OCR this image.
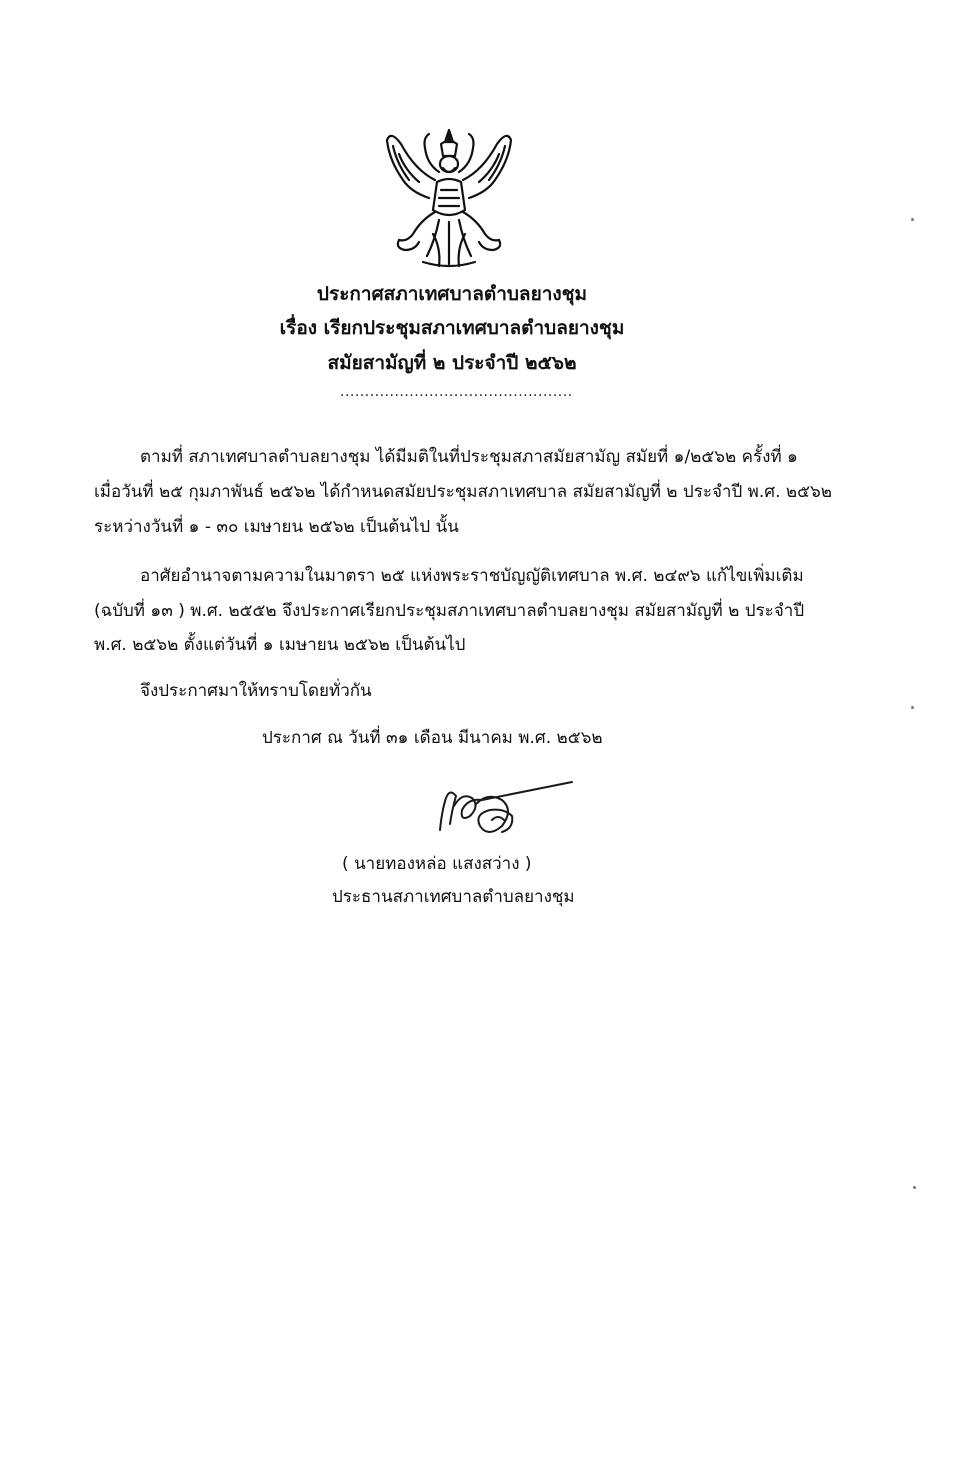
ประกาศสภาเทศบาลตำบลยางชุม
เรื่อง เรียกประชุมสภาเทศบาลตำบลยางชุม
สมัยสามัญที่ ๒ ประจำปี ๒๕๖๒
...............................................
ตามที่ สภาเทศบาลตำบลยางชุม ได้มีมติในที่ประชุมสภาสมัยสามัญ สมัยที่ ๑/๒๕๖๒ ครั้งที่ ๑
เมื่อวันที่ ๒๕ กุมภาพันธ์ ๒๕๖๒ ได้กำหนดสมัยประชุมสภาเทศบาล สมัยสามัญที่ ๒ ประจำปี พ.ศ. ๒๕๖๒
ระหว่างวันที่ ๑ - ๓๐ เมษายน ๒๕๖๒ เป็นต้นไป นั้น
อาศัยอำนาจตามความในมาตรา ๒๕ แห่งพระราชบัญญัติเทศบาล พ.ศ. ๒๔๙๖ แก้ไขเพิ่มเติม
(ฉบับที่ ๑๓ ) พ.ศ. ๒๕๕๒ จึงประกาศเรียกประชุมสภาเทศบาลตำบลยางชุม สมัยสามัญที่ ๒ ประจำปี
พ.ศ. ๒๕๖๒ ตั้งแต่วันที่ ๑ เมษายน ๒๕๖๒ เป็นต้นไป
จึงประกาศมาให้ทราบโดยทั่วกัน
ประกาศ ณ วันที่ ๓๑ เดือน มีนาคม พ.ศ. ๒๕๖๒
( นายทองหล่อ แสงสว่าง )
ประธานสภาเทศบาลตำบลยางชุม
